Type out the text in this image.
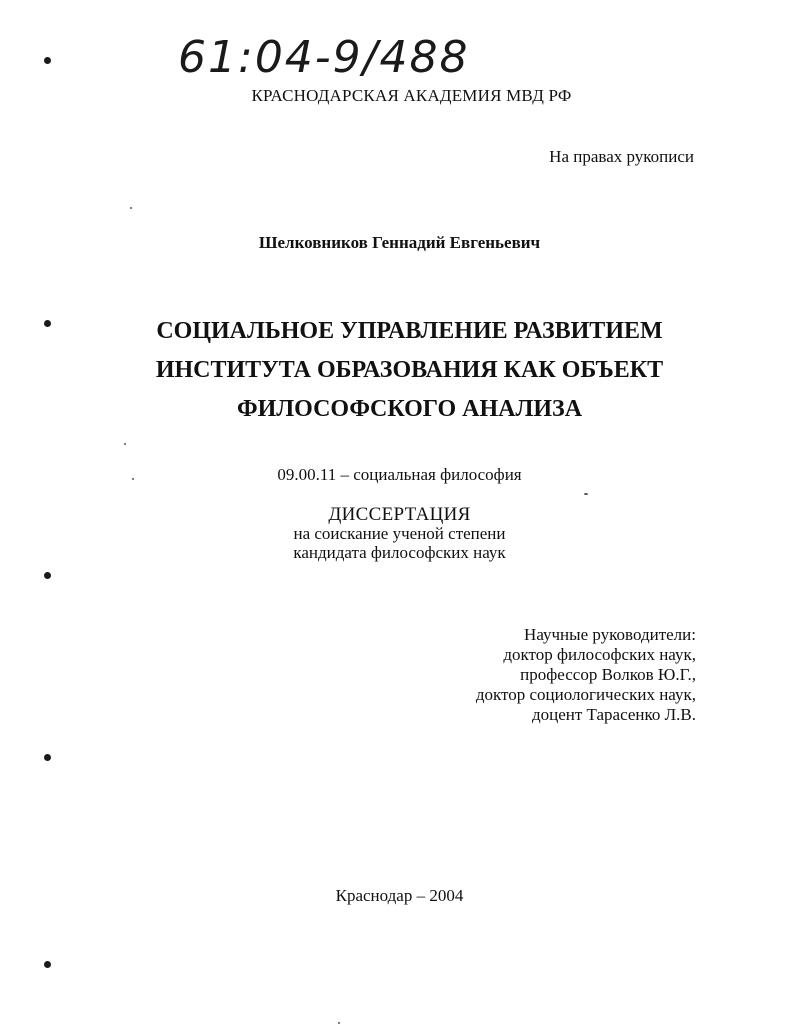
61:04-9/488
КРАСНОДАРСКАЯ АКАДЕМИЯ МВД РФ
На правах рукописи
Шелковников Геннадий Евгеньевич
СОЦИАЛЬНОЕ УПРАВЛЕНИЕ РАЗВИТИЕМ
ИНСТИТУТА ОБРАЗОВАНИЯ КАК ОБЪЕКТ
ФИЛОСОФСКОГО АНАЛИЗА
09.00.11 – социальная философия
ДИССЕРТАЦИЯ
на соискание ученой степени
кандидата философских наук
Научные руководители:
доктор философских наук,
профессор Волков Ю.Г.,
доктор социологических наук,
доцент Тарасенко Л.В.
Краснодар – 2004
